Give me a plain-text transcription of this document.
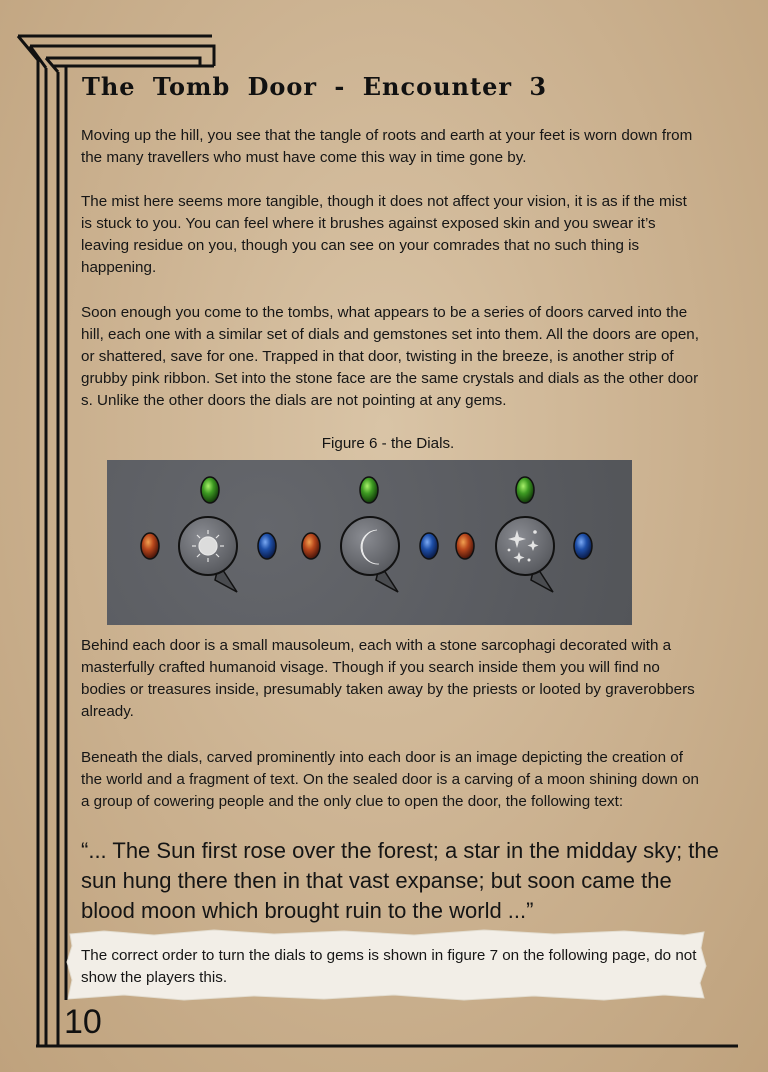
The Tomb Door - Encounter 3

Moving up the hill, you see that the tangle of roots and earth at your feet is worn down from the many travellers who must have come this way in time gone by.

The mist here seems more tangible, though it does not affect your vision, it is as if the mist is stuck to you. You can feel where it brushes against exposed skin and you swear it’s leaving residue on you, though you can see on your comrades that no such thing is happening.

Soon enough you come to the tombs, what appears to be a series of doors carved into the hill, each one with a similar set of dials and gemstones set into them. All the doors are open, or shattered, save for one. Trapped in that door, twisting in the breeze, is another strip of grubby pink ribbon. Set into the stone face are the same crystals and dials as the other door s. Unlike the other doors the dials are not pointing at any gems.

Figure 6 - the Dials.

Behind each door is a small mausoleum, each with a stone sarcophagi decorated with a masterfully crafted humanoid visage. Though if you search inside them you will find no bodies or treasures inside, presumably taken away by the priests or looted by graverobbers already.

Beneath the dials, carved prominently into each door is an image depicting the creation of the world and a fragment of text. On the sealed door is a carving of a moon shining down on a group of cowering people and the only clue to open the door, the following text:

“... The Sun first rose over the forest; a star in the midday sky; the sun hung there then in that vast expanse; but soon came the blood moon which brought ruin to the world ...”

The correct order to turn the dials to gems is shown in figure 7 on the following page, do not show the players this.

10
